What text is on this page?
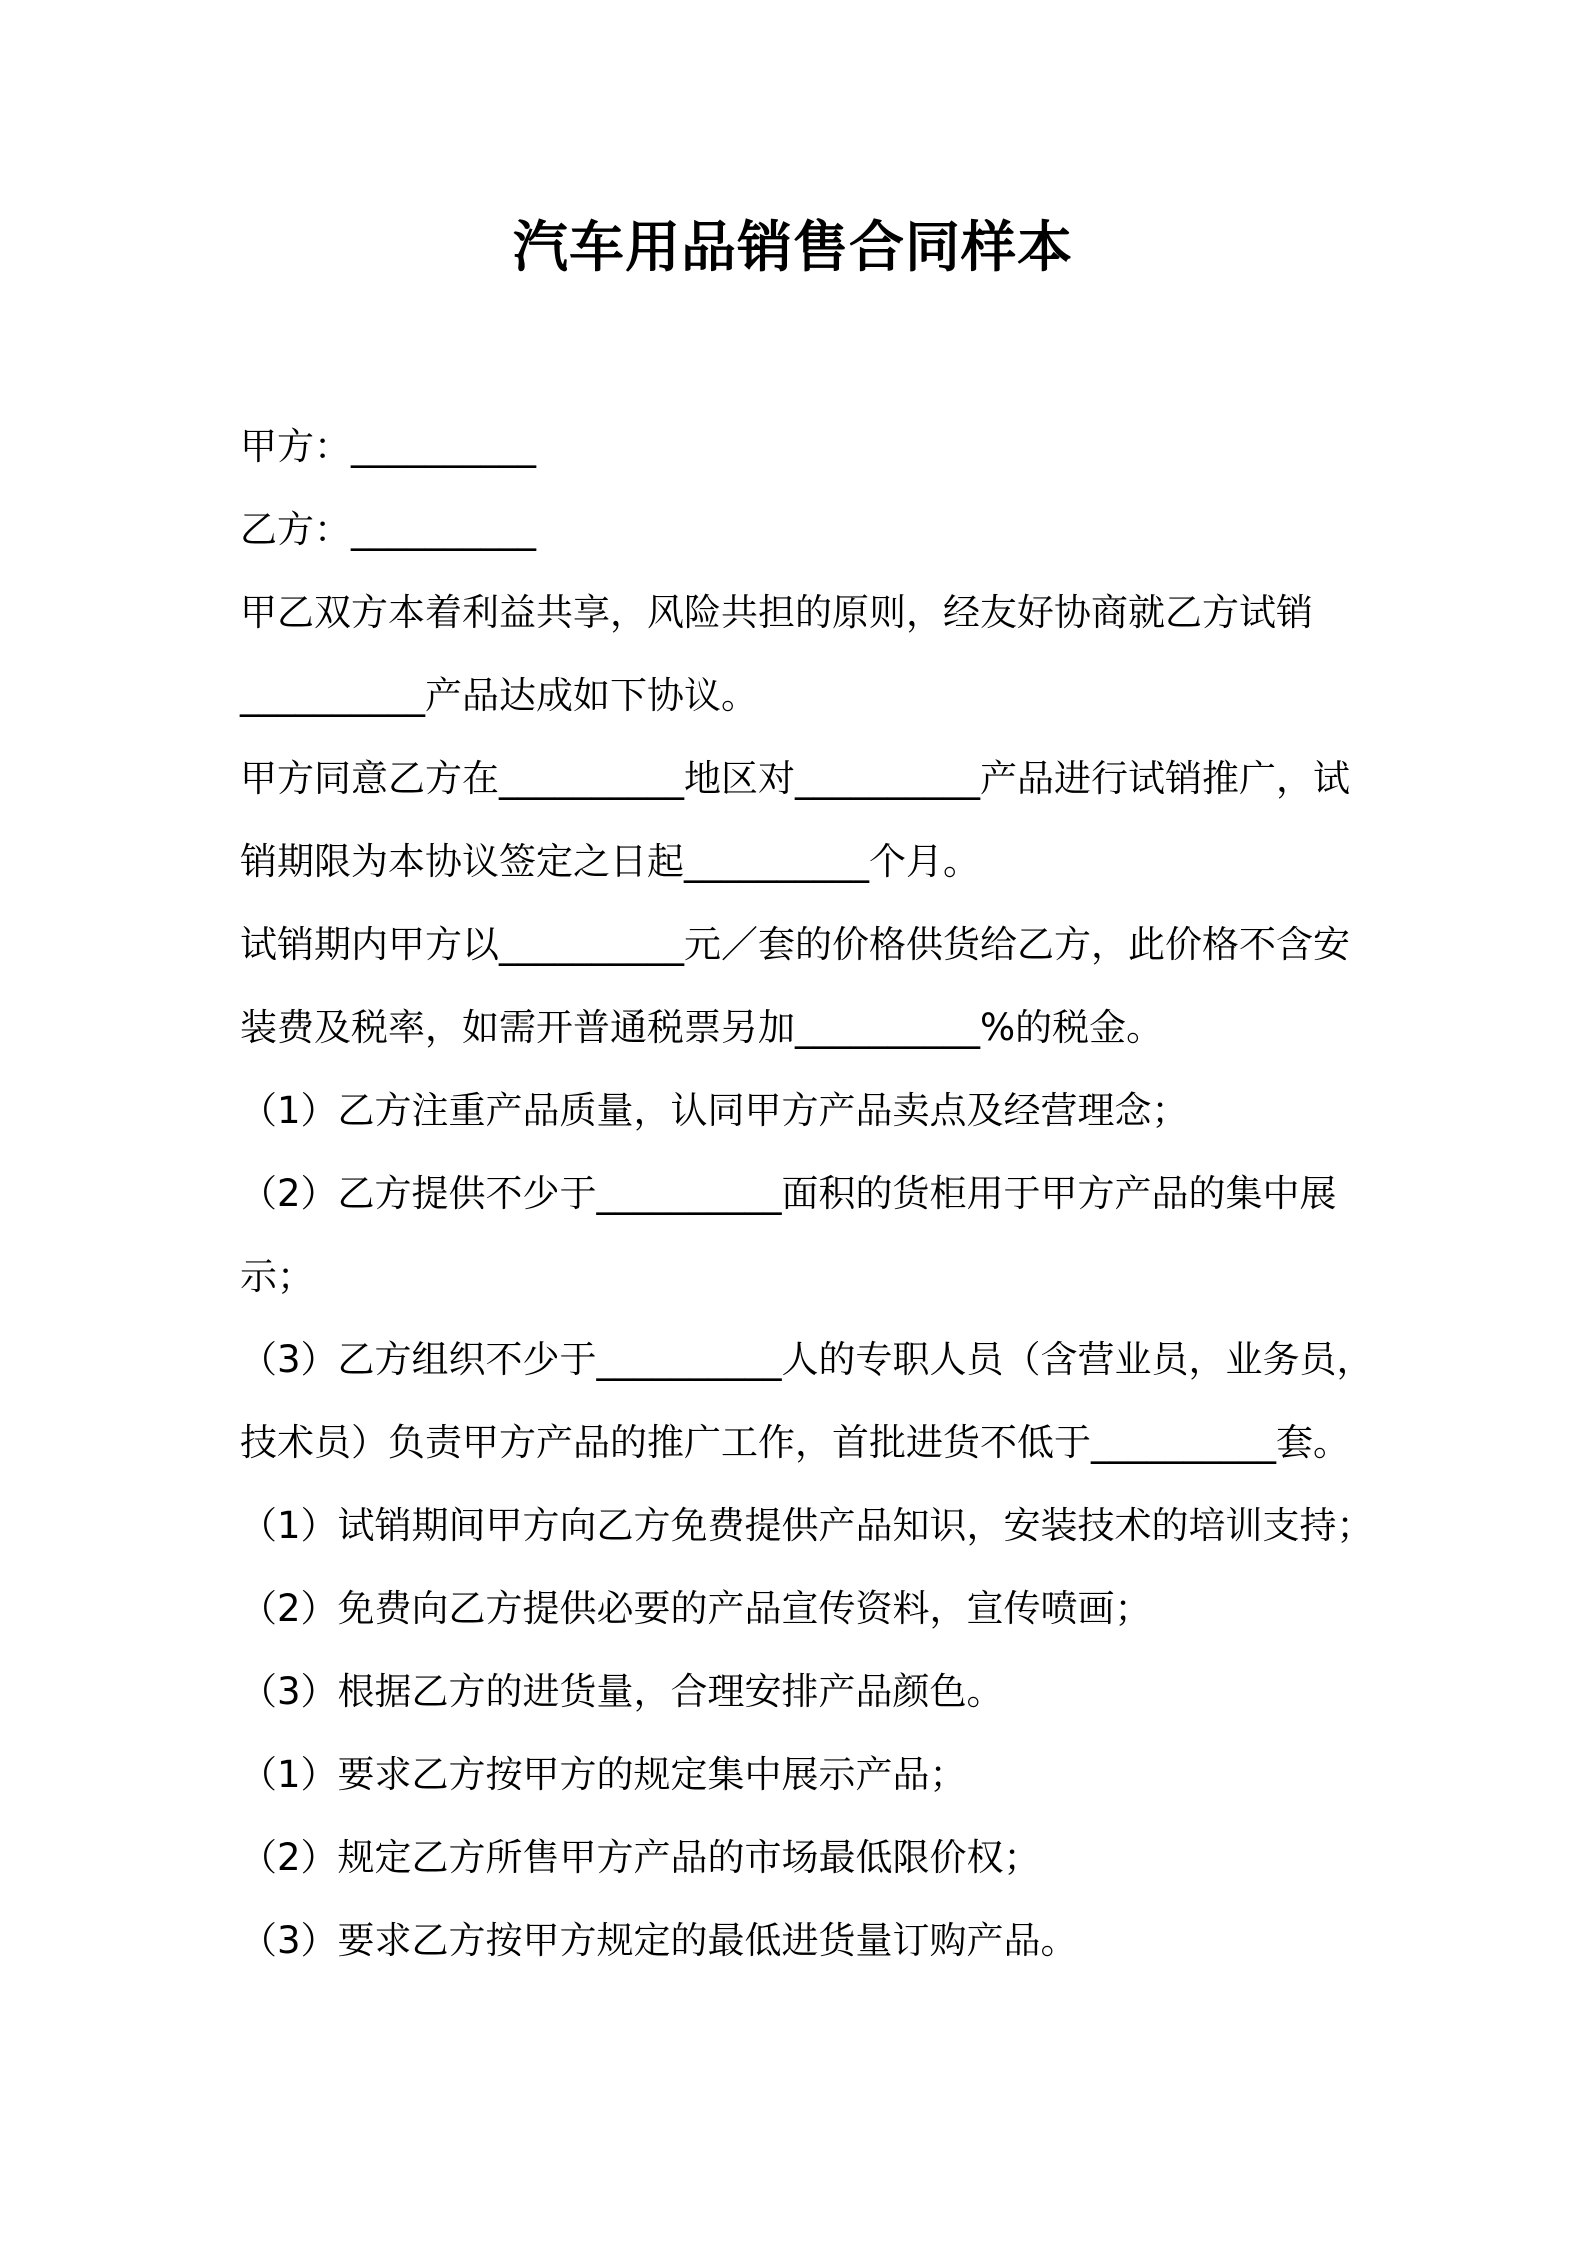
汽车用品销售合同样本
甲方：__________
乙方：__________
甲乙双方本着利益共享，风险共担的原则，经友好协商就乙方试销
__________产品达成如下协议。
甲方同意乙方在__________地区对__________产品进行试销推广，试
销期限为本协议签定之日起__________个月。
试销期内甲方以__________元／套的价格供货给乙方，此价格不含安
装费及税率，如需开普通税票另加__________%的税金。
（1）乙方注重产品质量，认同甲方产品卖点及经营理念；
（2）乙方提供不少于__________面积的货柜用于甲方产品的集中展
示；
（3）乙方组织不少于__________人的专职人员（含营业员，业务员，
技术员）负责甲方产品的推广工作，首批进货不低于__________套。
（1）试销期间甲方向乙方免费提供产品知识，安装技术的培训支持；
（2）免费向乙方提供必要的产品宣传资料，宣传喷画；
（3）根据乙方的进货量，合理安排产品颜色。
（1）要求乙方按甲方的规定集中展示产品；
（2）规定乙方所售甲方产品的市场最低限价权；
（3）要求乙方按甲方规定的最低进货量订购产品。
